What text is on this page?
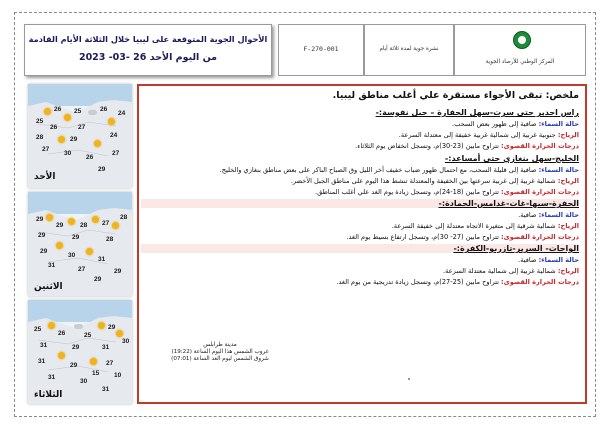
الأحوال الجوية المتوقعة على ليبيا خلال الثلاثة الأيام القادمة
من اليوم الأحد 26 -03- 2023
F-270-001	نشرة جوية لمدة ثلاثة أيام
المركز الوطني للأرصاد الجوية
26 25	26
24
25
26	27
28	29
24
27
30
26
27
29
الأحد
29
29	28 27
28
29	29	28
29
30
31
31
27	29
29
الاثنين
25
26	25
29
30
31	29	31
31
29
31
27
30
10
15
31
الثلاثاء
ملخص: تبقى الأجواء مستقرة علي أغلب مناطق ليبيا.
راس اجدير حتى سرت-سهل الجفارة – جبل نفوسة:-
حالة السماء: صافية إلى ظهور بعض السحب.
الرياح: جنوبية غربية إلى شمالية غربية خفيفة إلى معتدلة السرعة.
درجات الحرارة القصوى: تتراوح مابين (23-30)م، وتسجل انخفاض يوم الثلاثاء.
الخليج-سهل بنغازي حتى أمساعد:-
حالة السماء: صافية إلى قليلة السحب، مع احتمال ظهور ضباب خفيف أخر الليل وق الصباح الباكر على بعض مناطق بنغازي والخليج.
الرياح: شمالية غربية إلى غربية سرعتها بين الخفيفة والمعتدلة تنشط هذا اليوم على مناطق الجبل الأخضر.
درجات الحرارة القصوى: تتراوح مابين (18-24)م، وتسجل زيادة يوم الغد علي أغلب المناطق.
الجفرة-سبها-غات-غدامس-الحمادة:-
حالة السماء: صافية.
الرياح: شمالية شرقية إلى متغيرة الاتجاه معتدلة إلى خفيفة السرعة.
درجات الحرارة القصوى: تتراوح مابين (27- 30)م، وتسجل ارتفاع بسيط يوم الغد.
الواحات- السرير-تازربو-الكفرة:-
حالة السماء: صافية.
الرياح: شمالية غربية إلى شمالية معتدلة السرعة.
درجات الحرارة القصوى: تتراوح مابين (25-27)م، وتسجل زيادة تدريجية من يوم الغد.
مدينة طرابلس
غروب الشمس هذا اليوم الساعة (19:22)
شروق الشمس ليوم الغد الساعة (07:01)
